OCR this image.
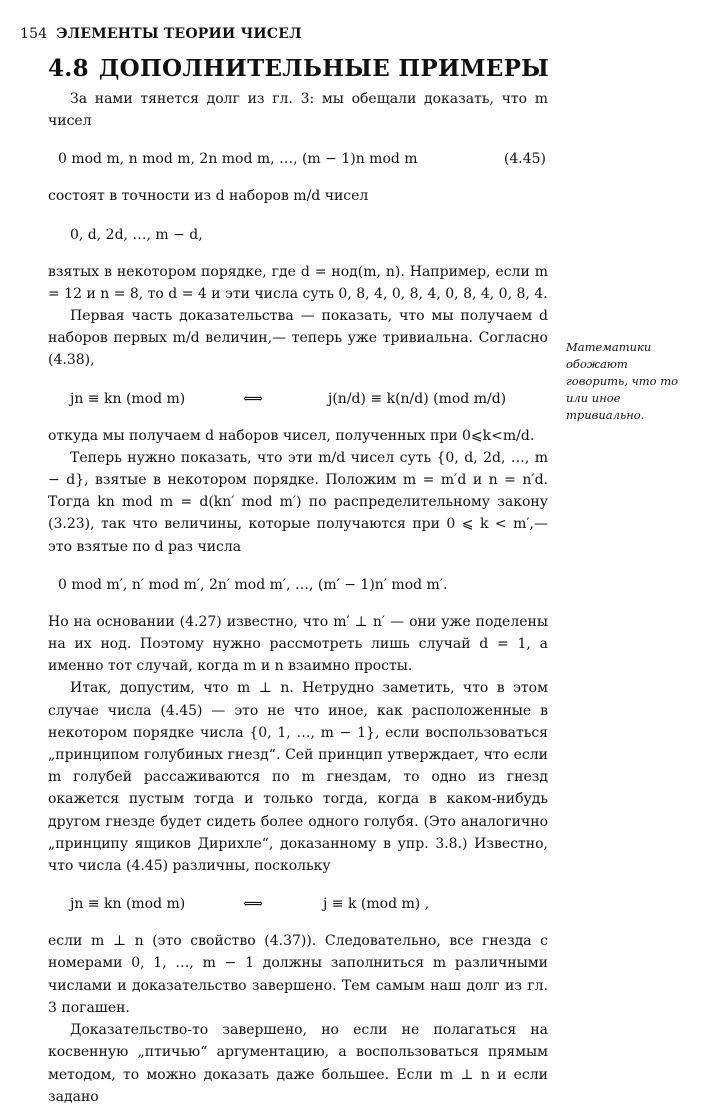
154 ЭЛЕМЕНТЫ ТЕОРИИ ЧИСЕЛ
4.8 ДОПОЛНИТЕЛЬНЫЕ ПРИМЕРЫ

За нами тянется долг из гл. 3: мы обещали доказать, что m чисел

0 mod m, n mod m, 2n mod m, …, (m − 1)n mod m	(4.45)

состоят в точности из d наборов m/d чисел

0, d, 2d, …, m − d,

взятых в некотором порядке, где d = нод(m, n). Например, если m = 12 и n = 8, то d = 4 и эти числа суть 0, 8, 4, 0, 8, 4, 0, 8, 4, 0, 8, 4.

Первая часть доказательства — показать, что мы получаем d наборов первых m/d величин,— теперь уже тривиальна. Согласно (4.38),

jn ≡ kn (mod m)	⟺	j(n/d) ≡ k(n/d) (mod m/d)

откуда мы получаем d наборов чисел, полученных при 0⩽k<m/d.

Теперь нужно показать, что эти m/d чисел суть {0, d, 2d, …, m − d}, взятые в некотором порядке. Положим m = m′d и n = n′d. Тогда kn mod m = d(kn′ mod m′) по распределительному закону (3.23), так что величины, которые получаются при 0 ⩽ k < m′,— это взятые по d раз числа

0 mod m′, n′ mod m′, 2n′ mod m′, …, (m′ − 1)n′ mod m′.

Но на основании (4.27) известно, что m′ ⊥ n′ — они уже поделены на их нод. Поэтому нужно рассмотреть лишь случай d = 1, а именно тот случай, когда m и n взаимно просты.

Итак, допустим, что m ⊥ n. Нетрудно заметить, что в этом случае числа (4.45) — это не что иное, как расположенные в некотором порядке числа {0, 1, …, m − 1}, если воспользоваться „принципом голубиных гнезд“. Сей принцип утверждает, что если m голубей рассаживаются по m гнездам, то одно из гнезд окажется пустым тогда и только тогда, когда в каком-нибудь другом гнезде будет сидеть более одного голубя. (Это аналогично „принципу ящиков Дирихле“, доказанному в упр. 3.8.) Известно, что числа (4.45) различны, поскольку

jn ≡ kn (mod m)	⟺	j ≡ k (mod m) ,

если m ⊥ n (это свойство (4.37)). Следовательно, все гнезда с номерами 0, 1, …, m − 1 должны заполниться m различными числами и доказательство завершено. Тем самым наш долг из гл. 3 погашен.

Доказательство-то завершено, но если не полагаться на косвенную „птичью“ аргументацию, а воспользоваться прямым методом, то можно доказать даже большее. Если m ⊥ n и если задано

Математики обожают говорить, что то или иное тривиально.
